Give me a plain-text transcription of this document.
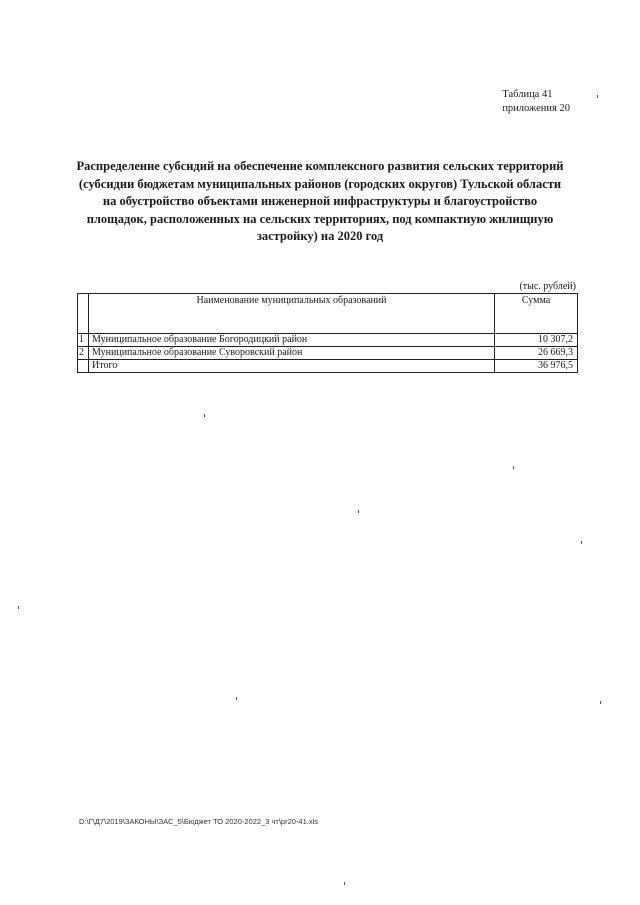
Таблица 41
приложения 20
Распределение субсидий на обеспечение комплексного развития сельских территорий
(субсидии бюджетам муниципальных районов (городских округов) Тульской области
на обустройство объектами инженерной инфраструктуры и благоустройство
площадок, расположенных на сельских территориях, под компактную жилищную
застройку) на 2020 год
(тыс. рублей)
	Наименование муниципальных образований	Сумма
1	Муниципальное образование Богородицкий район	10 307,2
2	Муниципальное образование Суворовский район	26 669,3
	Итого	36 976,5
D:\Г\Д7\2019\ЗАКОНЫ\ЗАС_5\Бюджет ТО 2020-2022_3 чт\pr20-41.xls
